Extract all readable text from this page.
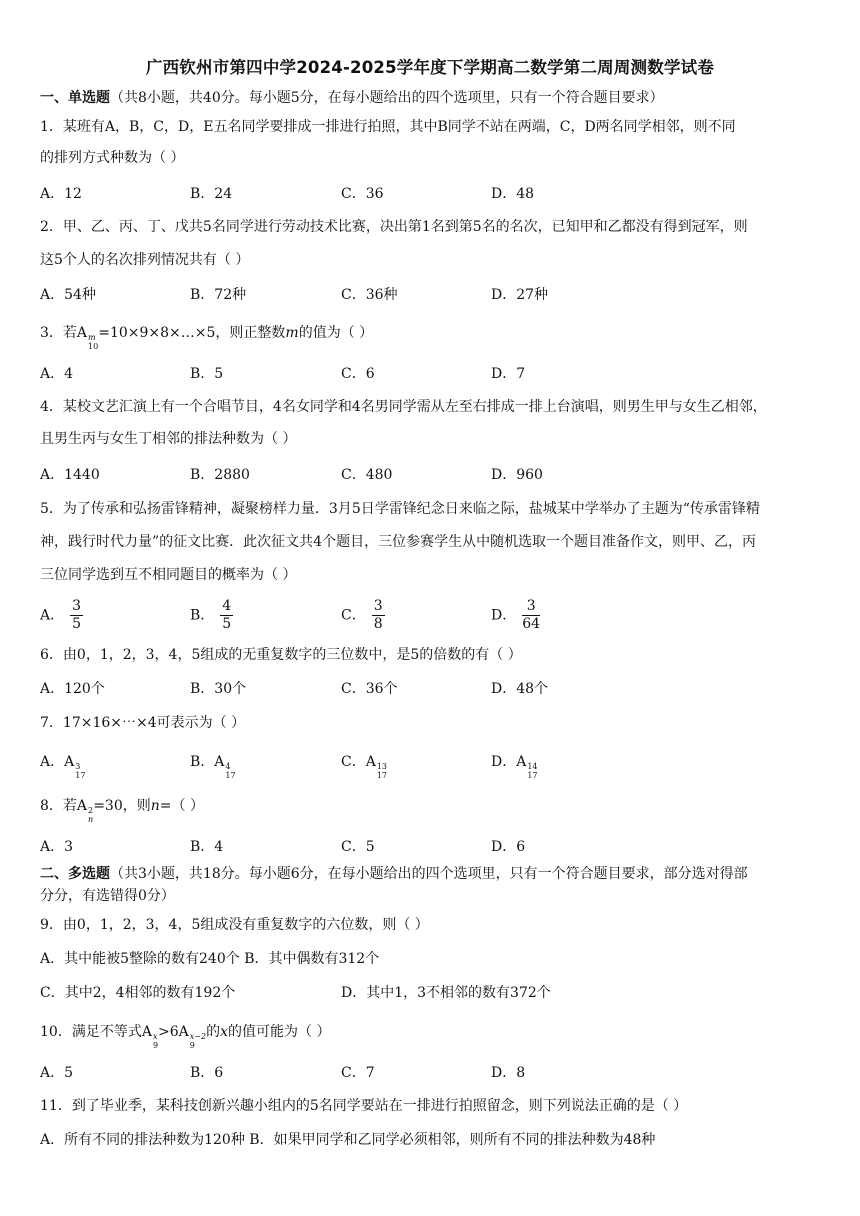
广西钦州市第四中学2024-2025学年度下学期高二数学第二周周测数学试卷
一、单选题（共8小题，共40分。每小题5分，在每小题给出的四个选项里，只有一个符合题目要求）
1．某班有A，B，C，D，E五名同学要排成一排进行拍照，其中B同学不站在两端，C，D两名同学相邻，则不同
的排列方式种数为（ ）
A．12	B．24	C．36	D．48
2．甲、乙、丙、丁、戊共5名同学进行劳动技术比赛，决出第1名到第5名的名次，已知甲和乙都没有得到冠军，则
这5个人的名次排列情况共有（ ）
A．54种	B．72种	C．36种	D．27种
3．若A m
10
=10×9×8×…×5，则正整数m的值为（ ）
A．4	B．5	C．6	D．7
4．某校文艺汇演上有一个合唱节目，4名女同学和4名男同学需从左至右排成一排上台演唱，则男生甲与女生乙相邻，
且男生丙与女生丁相邻的排法种数为（ ）
A．1440	B．2880	C．480	D．960
5．为了传承和弘扬雷锋精神，凝聚榜样力量．3月5日学雷锋纪念日来临之际，盐城某中学举办了主题为“传承雷锋精
神，践行时代力量”的征文比赛．此次征文共4个题目，三位参赛学生从中随机选取一个题目准备作文，则甲、乙，丙
三位同学选到互不相同题目的概率为（ ）
A． $\frac{3}{5}$	B． $\frac{4}{5}$	C． $\frac{3}{8}$	D． $\frac{3}{64}$
6．由0，1，2，3，4，5组成的无重复数字的三位数中，是5的倍数的有（ ）
A．120个	B．30个	C．36个	D．48个
7．17×16×⋯×4可表示为（ ）
A．A 3
17
B．A 4
17
C．A 13
17
D．A 14
17
8．若A 2
n
=30，则n=（ ）
A．3	B．4	C．5	D．6
二、多选题（共3小题，共18分。每小题6分，在每小题给出的四个选项里，只有一个符合题目要求，部分选对得部
分分，有选错得0分）
9．由0，1，2，3，4，5组成没有重复数字的六位数，则（ ）
A．其中能被5整除的数有240个 B．其中偶数有312个
C．其中2，4相邻的数有192个	D．其中1，3不相邻的数有372个
10．满足不等式A x
9
>6A x−2
9
的x的值可能为（ ）
A．5	B．6	C．7	D．8
11．到了毕业季，某科技创新兴趣小组内的5名同学要站在一排进行拍照留念，则下列说法正确的是（ ）
A．所有不同的排法种数为120种 B．如果甲同学和乙同学必须相邻，则所有不同的排法种数为48种
